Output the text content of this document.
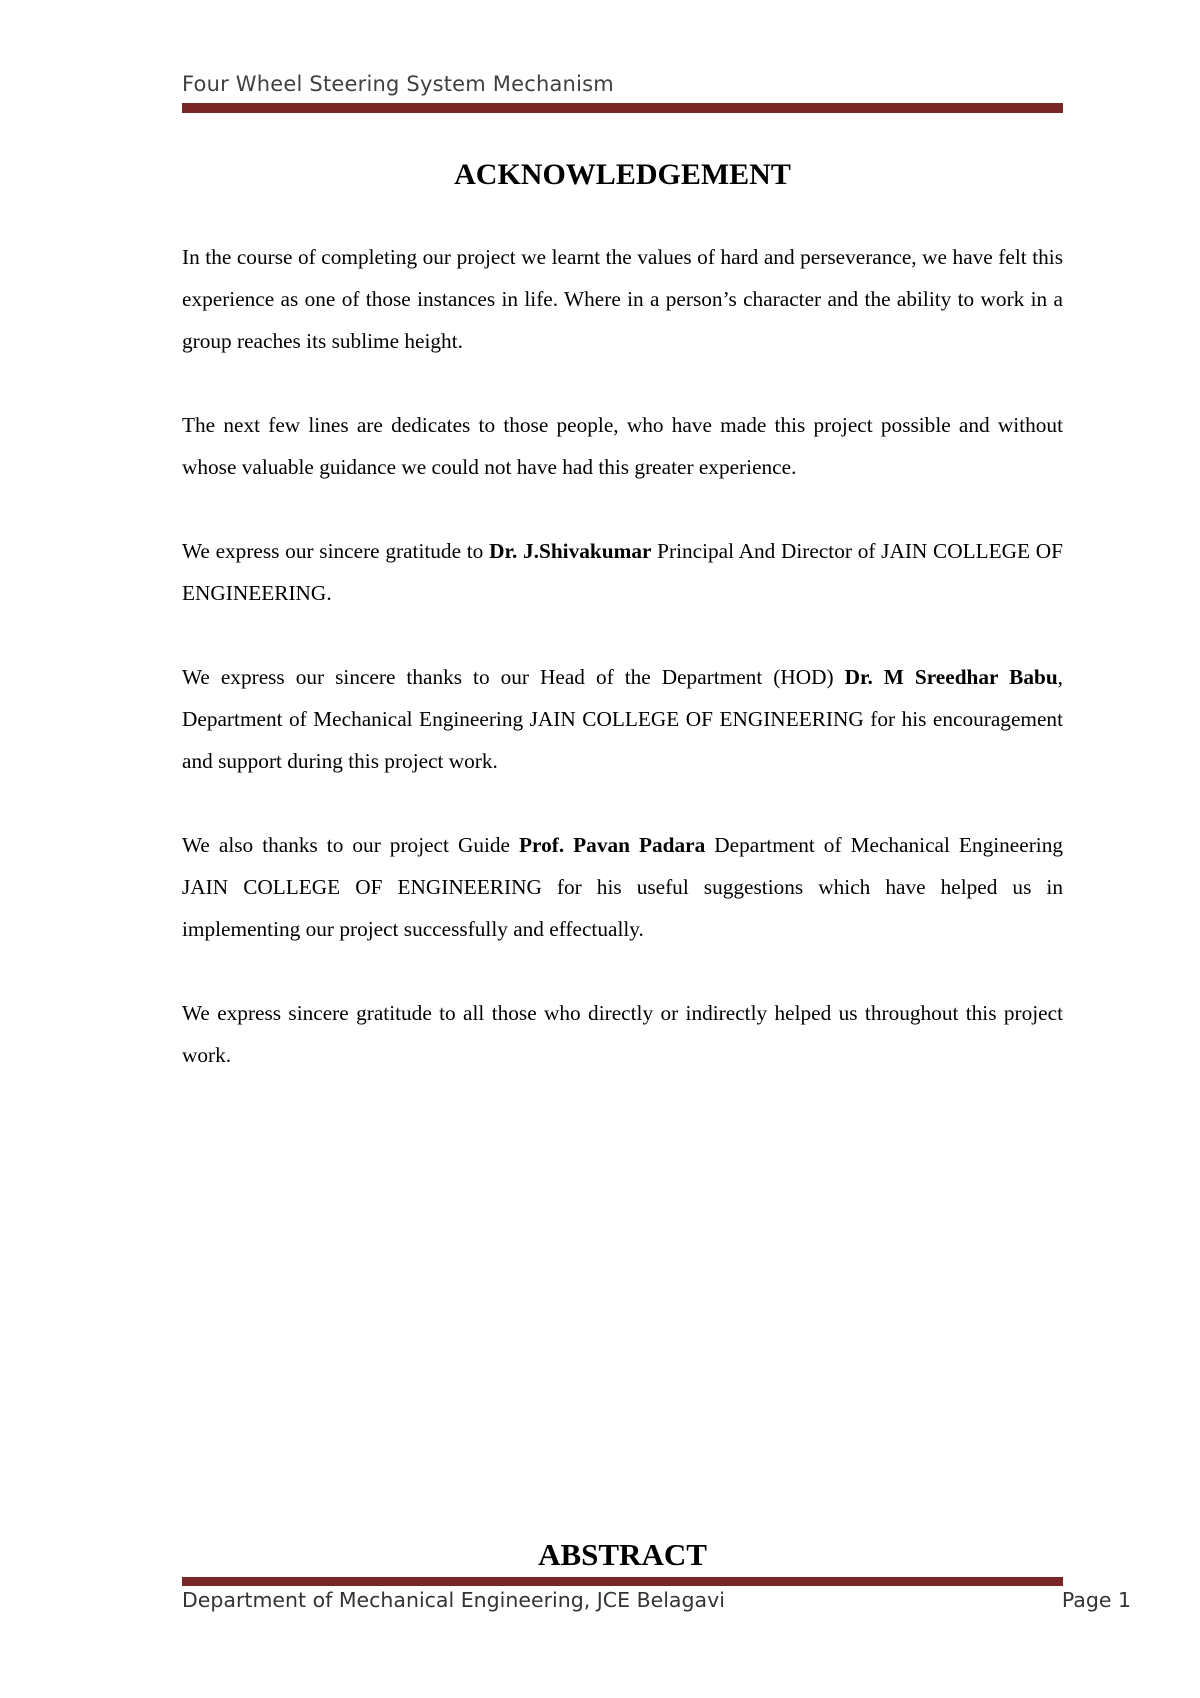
Four Wheel Steering System Mechanism
ACKNOWLEDGEMENT

In the course of completing our project we learnt the values of hard and perseverance, we have felt this experience as one of those instances in life. Where in a person’s character and the ability to work in a group reaches its sublime height.

The next few lines are dedicates to those people, who have made this project possible and without whose valuable guidance we could not have had this greater experience.

We express our sincere gratitude to Dr. J.Shivakumar Principal And Director of JAIN COLLEGE OF ENGINEERING.

We express our sincere thanks to our Head of the Department (HOD) Dr. M Sreedhar Babu, Department of Mechanical Engineering JAIN COLLEGE OF ENGINEERING for his encouragement and support during this project work.

We also thanks to our project Guide Prof. Pavan Padara Department of Mechanical Engineering JAIN COLLEGE OF ENGINEERING for his useful suggestions which have helped us in implementing our project successfully and effectually.

We express sincere gratitude to all those who directly or indirectly helped us throughout this project work.

ABSTRACT
Department of Mechanical Engineering, JCE Belagavi	Page 1
